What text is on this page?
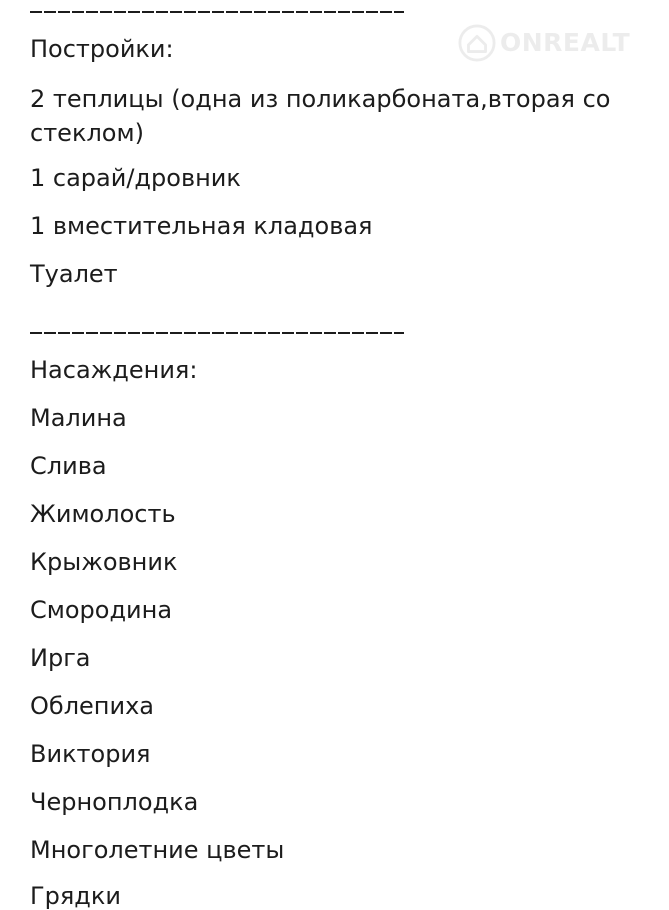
ONREALT
Постройки:
2 теплицы (одна из поликарбоната,вторая со стеклом)
1 сарай/дровник
1 вместительная кладовая
Туалет
Насаждения:
Малина
Слива
Жимолость
Крыжовник
Смородина
Ирга
Облепиха
Виктория
Черноплодка
Многолетние цветы
Грядки
